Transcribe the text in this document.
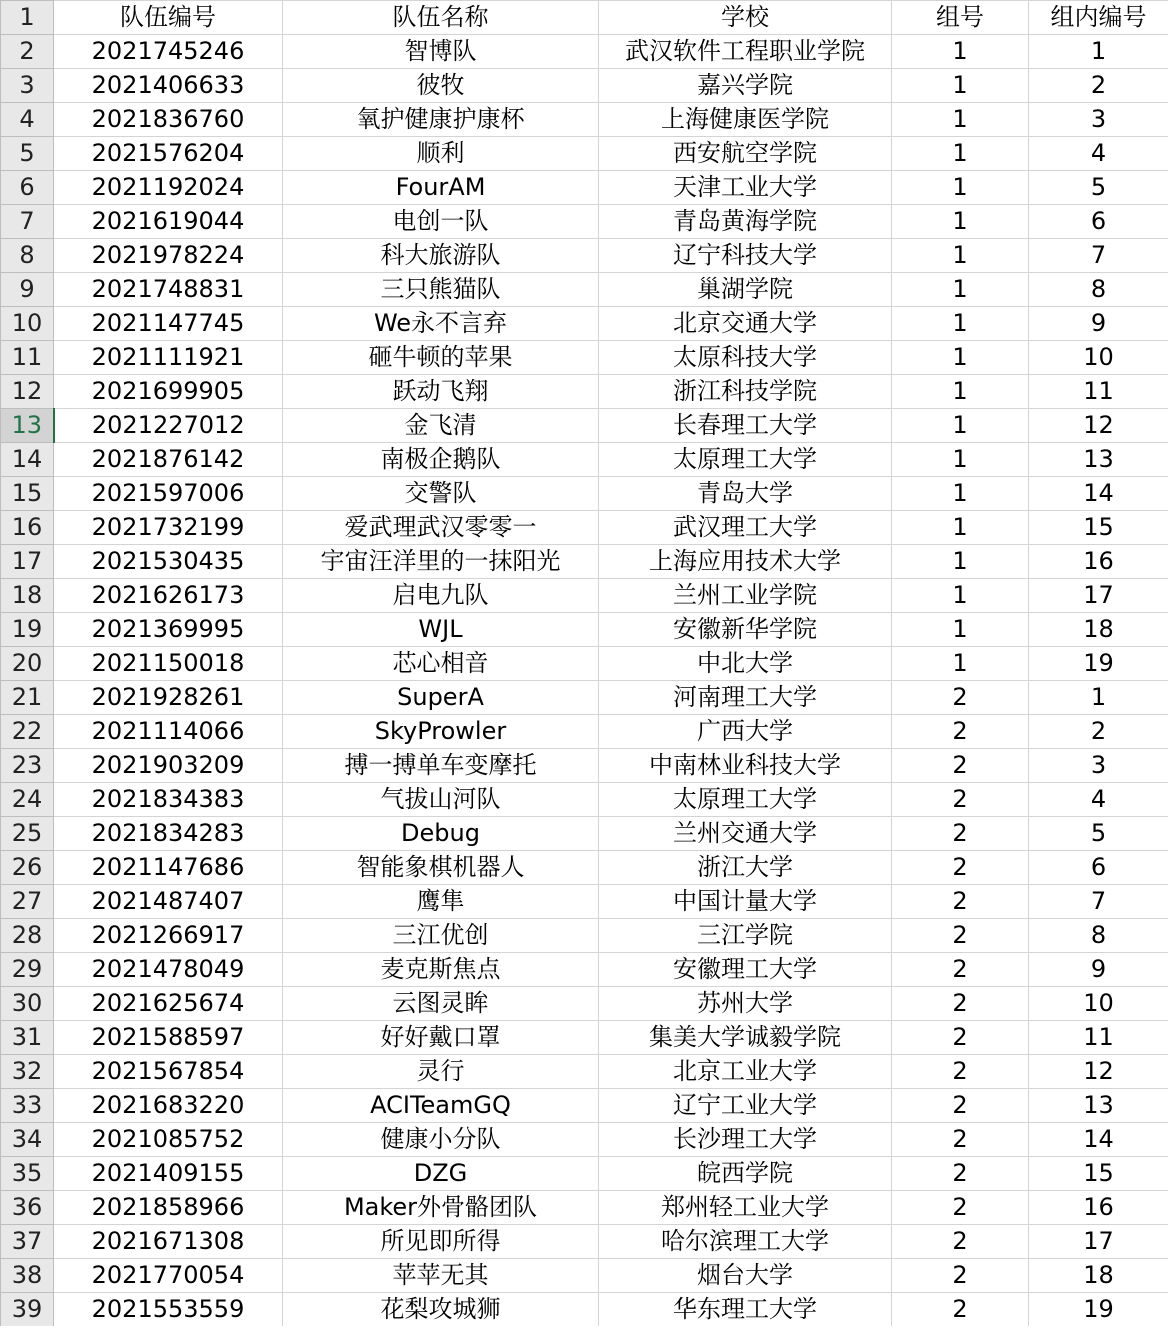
1	队伍编号	队伍名称	学校	组号	组内编号
2	2021745246	智博队	武汉软件工程职业学院	1	1
3	2021406633	彼牧	嘉兴学院	1	2
4	2021836760	氧护健康护康杯	上海健康医学院	1	3
5	2021576204	顺利	西安航空学院	1	4
6	2021192024	FourAM	天津工业大学	1	5
7	2021619044	电创一队	青岛黄海学院	1	6
8	2021978224	科大旅游队	辽宁科技大学	1	7
9	2021748831	三只熊猫队	巢湖学院	1	8
10	2021147745	We永不言弃	北京交通大学	1	9
11	2021111921	砸牛顿的苹果	太原科技大学	1	10
12	2021699905	跃动飞翔	浙江科技学院	1	11
13	2021227012	金飞清	长春理工大学	1	12
14	2021876142	南极企鹅队	太原理工大学	1	13
15	2021597006	交警队	青岛大学	1	14
16	2021732199	爱武理武汉零零一	武汉理工大学	1	15
17	2021530435	宇宙汪洋里的一抹阳光	上海应用技术大学	1	16
18	2021626173	启电九队	兰州工业学院	1	17
19	2021369995	WJL	安徽新华学院	1	18
20	2021150018	芯心相音	中北大学	1	19
21	2021928261	SuperA	河南理工大学	2	1
22	2021114066	SkyProwler	广西大学	2	2
23	2021903209	搏一搏单车变摩托	中南林业科技大学	2	3
24	2021834383	气拔山河队	太原理工大学	2	4
25	2021834283	Debug	兰州交通大学	2	5
26	2021147686	智能象棋机器人	浙江大学	2	6
27	2021487407	鹰隼	中国计量大学	2	7
28	2021266917	三江优创	三江学院	2	8
29	2021478049	麦克斯焦点	安徽理工大学	2	9
30	2021625674	云图灵眸	苏州大学	2	10
31	2021588597	好好戴口罩	集美大学诚毅学院	2	11
32	2021567854	灵行	北京工业大学	2	12
33	2021683220	ACITeamGQ	辽宁工业大学	2	13
34	2021085752	健康小分队	长沙理工大学	2	14
35	2021409155	DZG	皖西学院	2	15
36	2021858966	Maker外骨骼团队	郑州轻工业大学	2	16
37	2021671308	所见即所得	哈尔滨理工大学	2	17
38	2021770054	苹苹无其	烟台大学	2	18
39	2021553559	花梨攻城狮	华东理工大学	2	19
